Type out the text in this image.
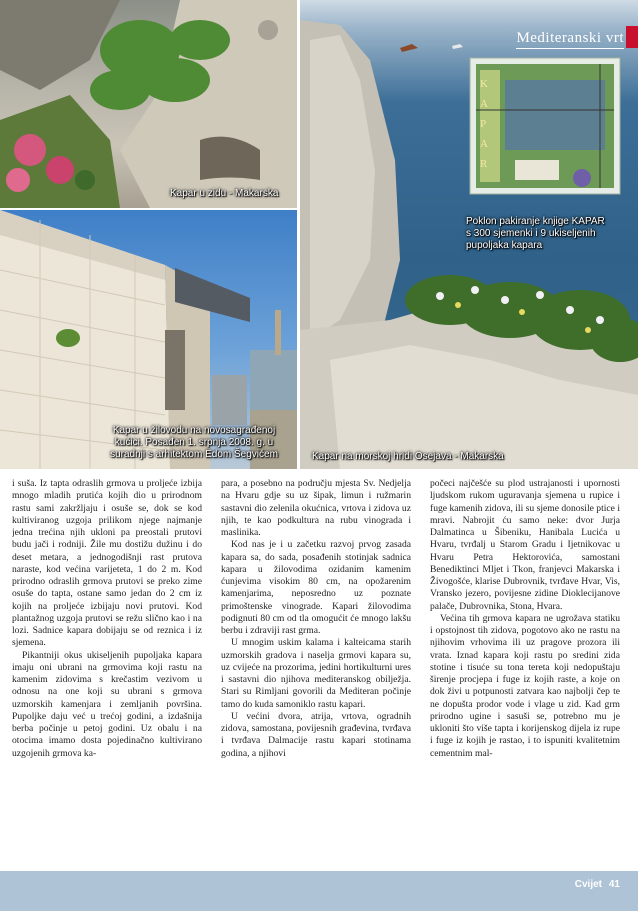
Kapar u zidu - Makarska
Kapar u žilovodu na novosagrađenoj
kućici. Posađen 1. srpnja 2008. g. u
suradnji s arhitektom Edom Šegvićem
KAPAR
Mediteranski vrt
Poklon pakiranje knjige KAPAR
s 300 sjemenki i 9 ukiseljenih
pupoljaka kapara
Kapar na morskoj hridi Osejava - Makarska

i suša. Iz tapta odraslih grmova u proljeće izbija mnogo mladih prutića kojih dio u prirodnom rastu sami zakržljaju i osuše se, dok se kod kultiviranog uzgoja prilikom njege najmanje jedna trećina njih ukloni pa preostali prutovi budu jači i rodniji. Žile mu dostižu dužinu i do deset metara, a jednogodišnji rast prutova naraste, kod većina varijeteta, 1 do 2 m. Kod prirodno odraslih grmova prutovi se preko zime osuše do tapta, ostane samo jedan do 2 cm iz kojih na proljeće izbijaju novi prutovi. Kod plantažnog uzgoja prutovi se režu slično kao i na lozi. Sadnice kapara dobijaju se od reznica i iz sjemena.

Pikantniji okus ukiseljenih pupoljaka kapara imaju oni ubrani na grmovima koji rastu na kamenim zidovima s krečastim vezivom u odnosu na one koji su ubrani s grmova uzmorskih kamenjara i zemljanih površina. Pupoljke daju već u trećoj godini, a izdašnija berba počinje u petoj godini. Uz obalu i na otocima imamo dosta pojedinačno kultivirano uzgojenih grmova ka-

para, a posebno na području mjesta Sv. Nedjelja na Hvaru gdje su uz šipak, limun i ružmarin sastavni dio zelenila okućnica, vrtova i zidova uz njih, te kao podkultura na rubu vinograda i maslinika.

Kod nas je i u začetku razvoj prvog zasada kapara sa, do sada, posađenih stotinjak sadnica kapara u žilovodima ozidanim kamenim ćunjevima visokim 80 cm, na opožarenim kamenjarima, neposredno uz poznate primoštenske vinograde. Kapari žilovodima podignuti 80 cm od tla omogućit će mnogo lakšu berbu i zdraviji rast grma.

U mnogim uskim kalama i kalteicama starih uzmorskih gradova i naselja grmovi kapara su, uz cvijeće na prozorima, jedini hortikulturni ures i sastavni dio njihova mediteranskog obilježja. Stari su Rimljani govorili da Mediteran počinje tamo do kuda samoniklo rastu kapari.

U većini dvora, atrija, vrtova, ogradnih zidova, samostana, povijesnih građevina, tvrđava i tvrđava Dalmacije rastu kapari stotinama godina, a njihovi

počeci najčešće su plod ustrajanosti i upornosti ljudskom rukom uguravanja sjemena u rupice i fuge kamenih zidova, ili su sjeme donosile ptice i mravi. Nabrojit ću samo neke: dvor Jurja Dalmatinca u Šibeniku, Hanibala Lucića u Hvaru, tvrđalj u Starom Gradu i Ijetnikovac u Hvaru Petra Hektorovića, samostani Benediktinci Mljet i Tkon, franjevci Makarska i Živogošće, klarise Dubrovnik, tvrđave Hvar, Vis, Vransko jezero, povijesne zidine Dioklecijanove palače, Dubrovnika, Stona, Hvara.

Većina tih grmova kapara ne ugrožava statiku i opstojnost tih zidova, pogotovo ako ne rastu na njihovim vrhovima ili uz pragove prozora ili vrata. Iznad kapara koji rastu po sredini zida stotine i tisuće su tona tereta koji nedopuštaju širenje procjepa i fuge iz kojih raste, a koje on dok živi u potpunosti zatvara kao najbolji čep te ne dopušta prodor vode i vlage u zid. Kad grm prirodno ugine i sasuši se, potrebno mu je ukloniti što više tapta i korijenskog dijela iz rupe i fuge iz kojih je rastao, i to ispuniti kvalitetnim cementnim mal-

Cvijet 41
